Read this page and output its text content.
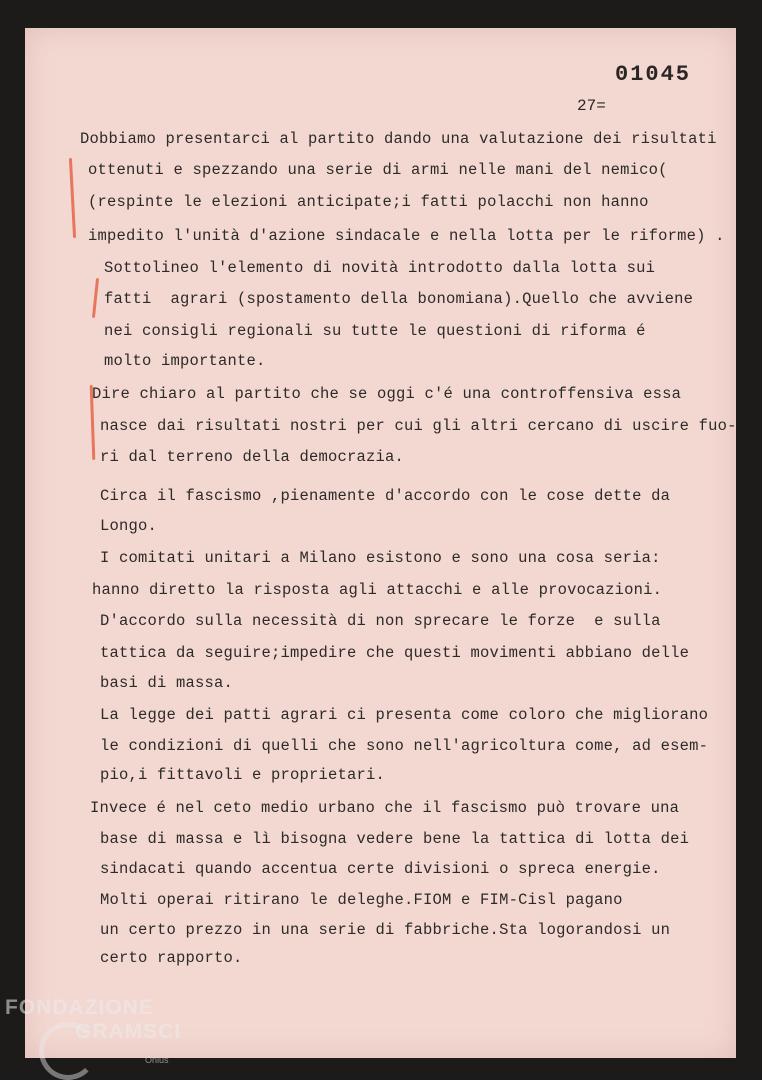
01045
27=
Dobbiamo presentarci al partito dando una valutazione dei risultati
ottenuti e spezzando una serie di armi nelle mani del nemico(
(respinte le elezioni anticipate;i fatti polacchi non hanno
impedito l'unità d'azione sindacale e nella lotta per le riforme) .
Sottolineo l'elemento di novità introdotto dalla lotta sui
fatti  agrari (spostamento della bonomiana).Quello che avviene
nei consigli regionali su tutte le questioni di riforma é
molto importante.
Dire chiaro al partito che se oggi c'é una controffensiva essa
nasce dai risultati nostri per cui gli altri cercano di uscire fuo-
ri dal terreno della democrazia.
Circa il fascismo ,pienamente d'accordo con le cose dette da
Longo.
I comitati unitari a Milano esistono e sono una cosa seria:
hanno diretto la risposta agli attacchi e alle provocazioni.
D'accordo sulla necessità di non sprecare le forze  e sulla
tattica da seguire;impedire che questi movimenti abbiano delle
basi di massa.
La legge dei patti agrari ci presenta come coloro che migliorano
le condizioni di quelli che sono nell'agricoltura come, ad esem-
pio,i fittavoli e proprietari.
Invece é nel ceto medio urbano che il fascismo può trovare una
base di massa e lì bisogna vedere bene la tattica di lotta dei
sindacati quando accentua certe divisioni o spreca energie.
Molti operai ritirano le deleghe.FIOM e FIM-Cisl pagano
un certo prezzo in una serie di fabbriche.Sta logorandosi un
certo rapporto.
FONDAZIONE
GRAMSCI
Onlus
